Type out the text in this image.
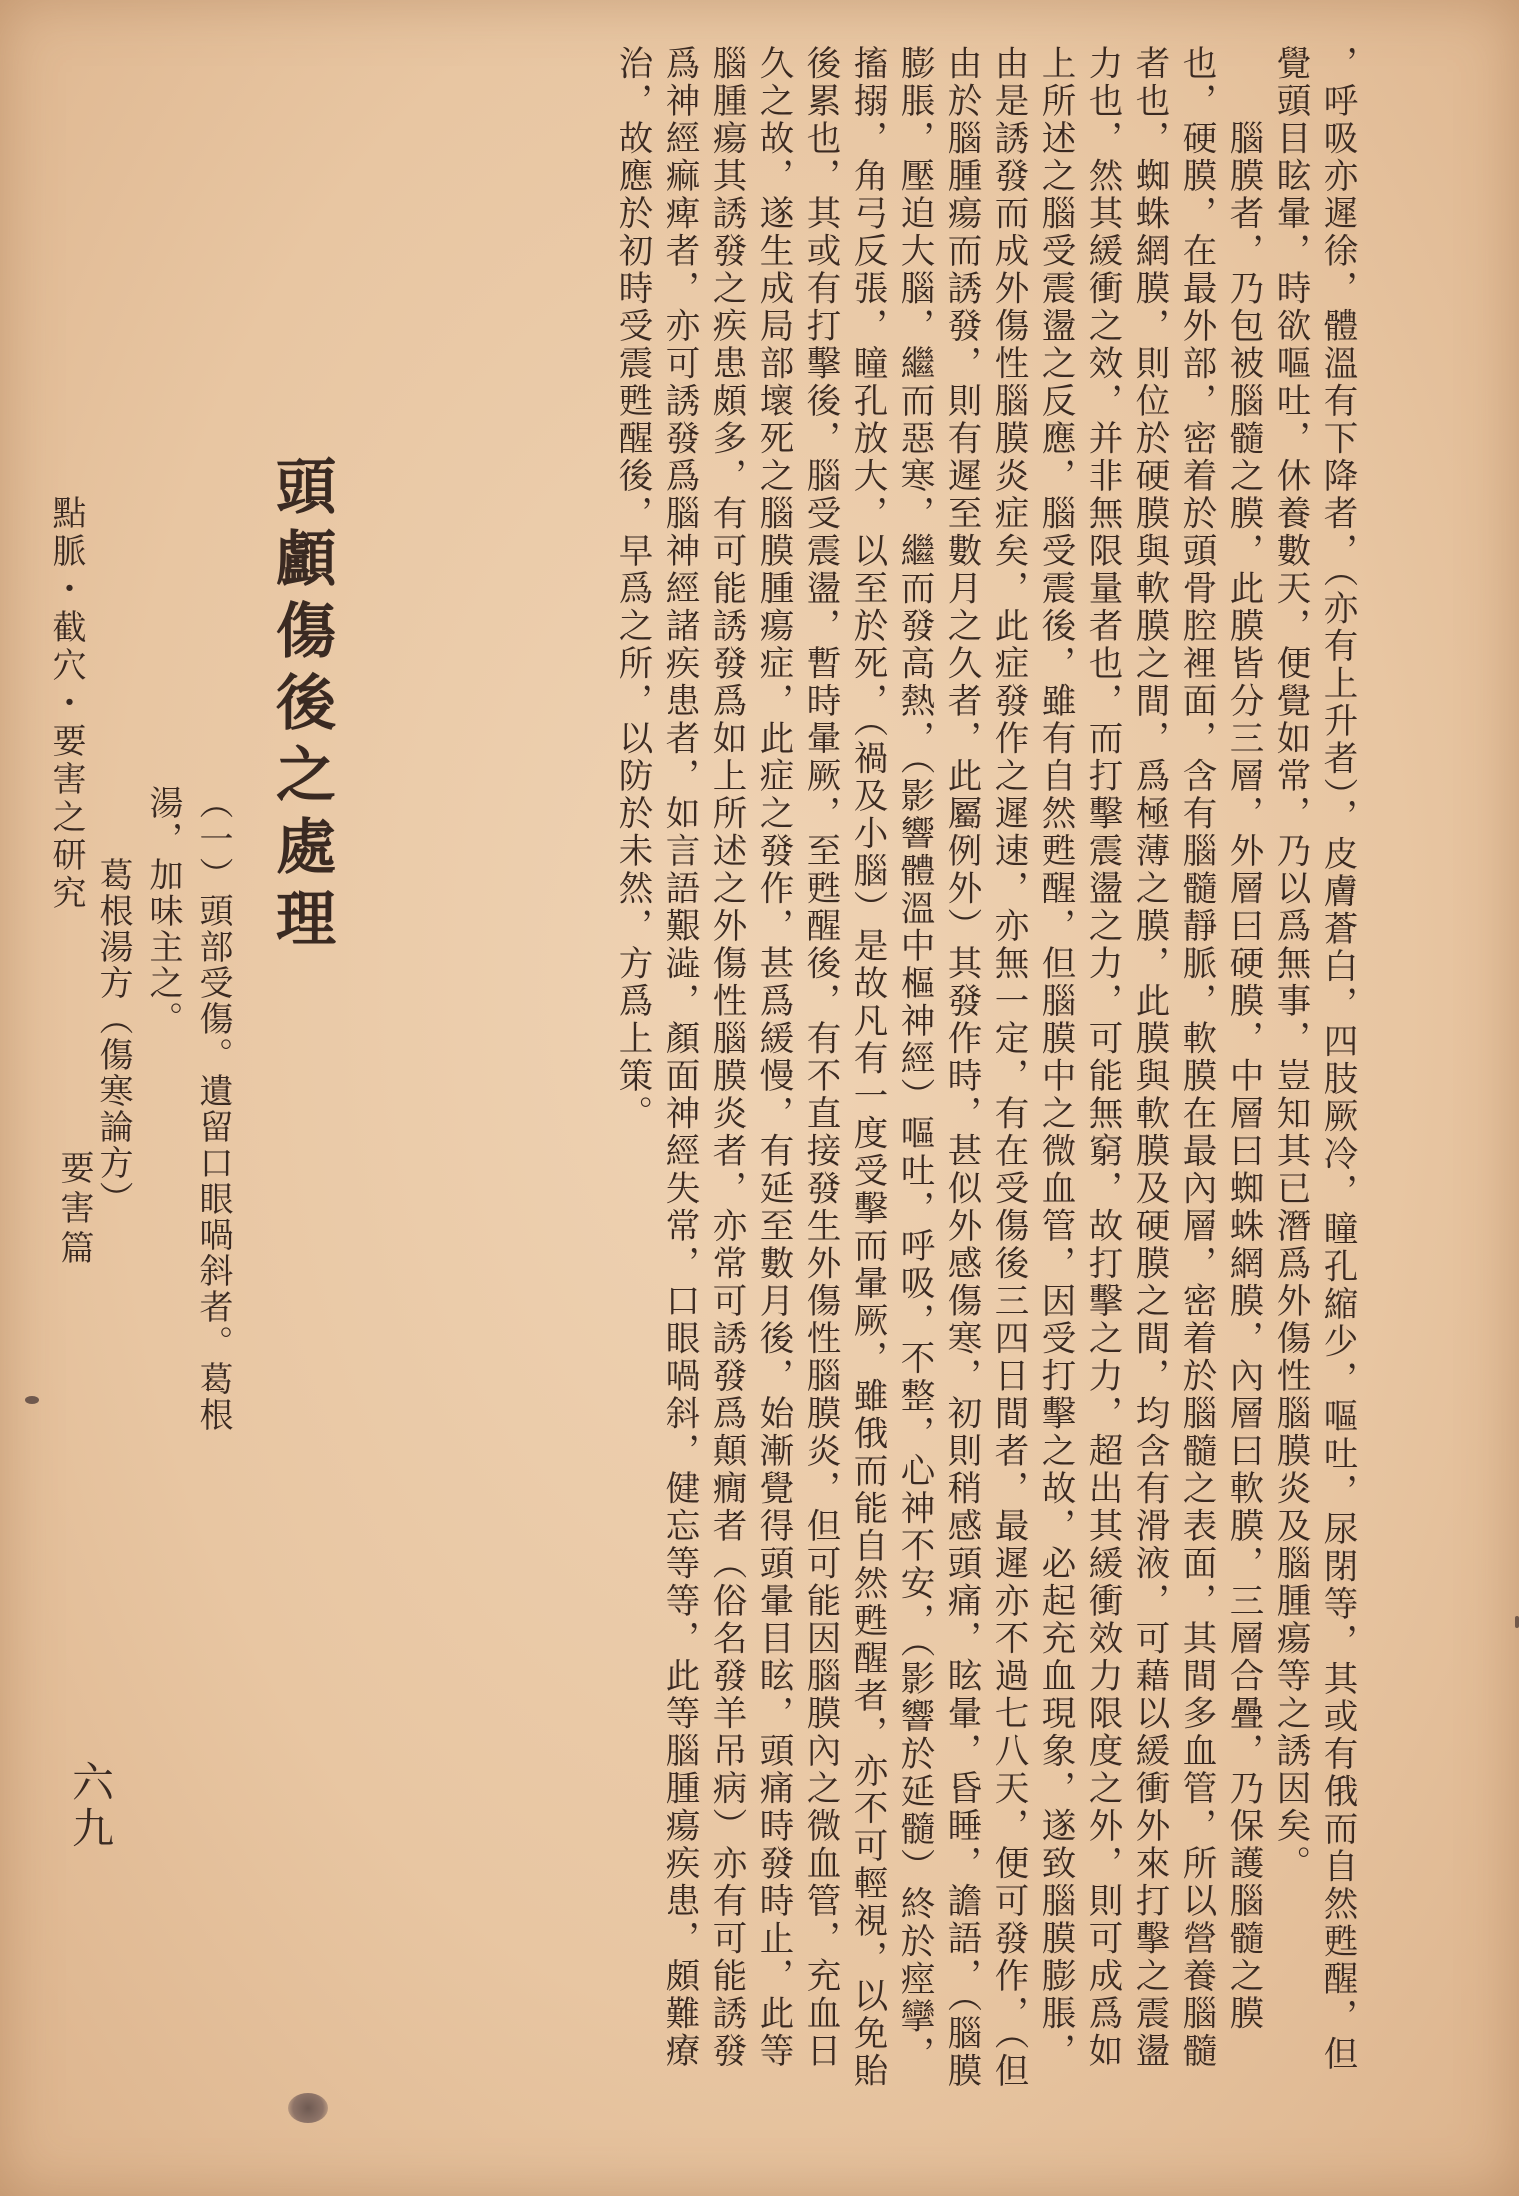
，呼吸亦遲徐，體溫有下降者，（亦有上升者），皮膚蒼白，四肢厥冷，瞳孔縮少，嘔吐，尿閉等，其或有俄而自然甦醒，但覺頭目眩暈，時欲嘔吐，休養數天，便覺如常，乃以爲無事，豈知其已潛爲外傷性腦膜炎及腦腫瘍等之誘因矣。

　　腦膜者，乃包被腦髓之膜，此膜皆分三層，外層曰硬膜，中層曰蜘蛛網膜，內層曰軟膜，三層合疊，乃保護腦髓之膜也，硬膜，在最外部，密着於頭骨腔裡面，含有腦髓靜脈，軟膜在最內層，密着於腦髓之表面，其間多血管，所以營養腦髓者也，蜘蛛網膜，則位於硬膜與軟膜之間，爲極薄之膜，此膜與軟膜及硬膜之間，均含有滑液，可藉以緩衝外來打擊之震盪力也，然其緩衝之效，并非無限量者也，而打擊震盪之力，可能無窮，故打擊之力，超出其緩衝效力限度之外，則可成爲如上所述之腦受震盪之反應，腦受震後，雖有自然甦醒，但腦膜中之微血管，因受打擊之故，必起充血現象，遂致腦膜膨脹，由是誘發而成外傷性腦膜炎症矣，此症發作之遲速，亦無一定，有在受傷後三四日間者，最遲亦不過七八天，便可發作，（但由於腦腫瘍而誘發，則有遲至數月之久者，此屬例外）其發作時，甚似外感傷寒，初則稍感頭痛，眩暈，昏睡，譫語，（腦膜膨脹，壓迫大腦，繼而惡寒，繼而發高熱，（影響體溫中樞神經）嘔吐，呼吸，不整，心神不安，（影響於延髓）終於痙攣，搐搦，角弓反張，瞳孔放大，以至於死，（禍及小腦）是故凡有一度受擊而暈厥，雖俄而能自然甦醒者，亦不可輕視，以免貽後累也，其或有打擊後，腦受震盪，暫時暈厥，至甦醒後，有不直接發生外傷性腦膜炎，但可能因腦膜內之微血管，充血日久之故，遂生成局部壞死之腦膜腫瘍症，此症之發作，甚爲緩慢，有延至數月後，始漸覺得頭暈目眩，頭痛時發時止，此等腦腫瘍其誘發之疾患頗多，有可能誘發爲如上所述之外傷性腦膜炎者，亦常可誘發爲顛癇者（俗名發羊吊病）亦有可能誘發爲神經痲痺者，亦可誘發爲腦神經諸疾患者，如言語艱澁，顏面神經失常，口眼喎斜，健忘等等，此等腦腫瘍疾患，頗難療治，故應於初時受震甦醒後，早爲之所，以防於未然，方爲上策。

頭顱傷後之處理

（一）頭部受傷。遺留口眼喎斜者。葛根湯，加味主之。

　　葛根湯方（傷寒論方）

點脈・截穴・要害之研究
要害篇
六九
